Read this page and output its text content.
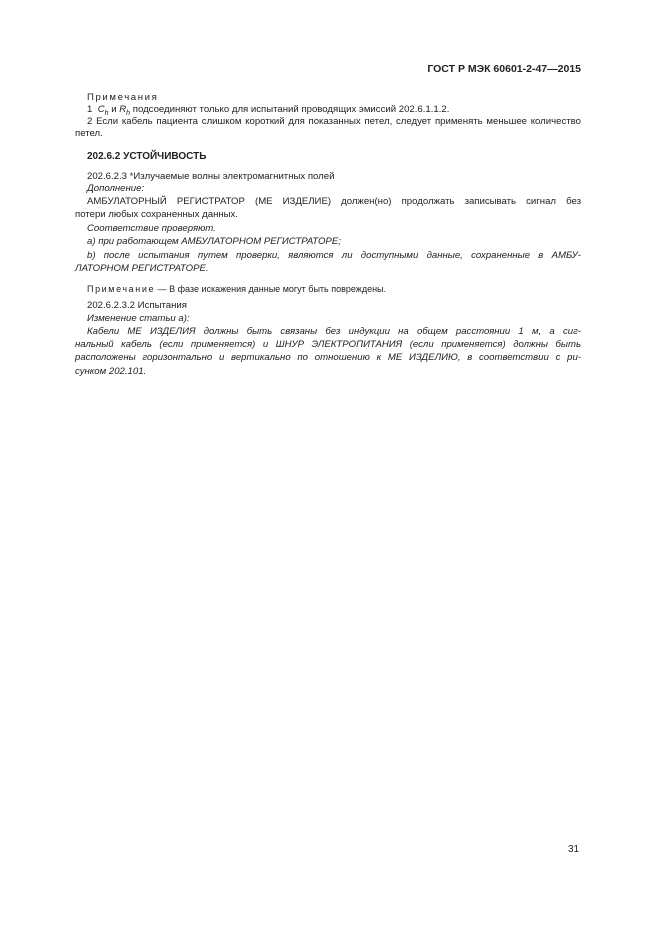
ГОСТ Р МЭК 60601-2-47—2015
Примечания
1 $C_h$ и $R_h$ подсоединяют только для испытаний проводящих эмиссий 202.6.1.1.2.
2 Если кабель пациента слишком короткий для показанных петел, следует применять меньшее количество
петел.
202.6.2 УСТОЙЧИВОСТЬ
202.6.2.3 *Излучаемые волны электромагнитных полей
Дополнение:
АМБУЛАТОРНЫЙ РЕГИСТРАТОР (МЕ ИЗДЕЛИЕ) должен(но) продолжать записывать сигнал без
потери любых сохраненных данных.
Соответствие проверяют.
а) при работающем АМБУЛАТОРНОМ РЕГИСТРАТОРЕ;
b) после испытания путем проверки, являются ли доступными данные, сохраненные в АМБУ-
ЛАТОРНОМ РЕГИСТРАТОРЕ.
Примечание — В фазе искажения данные могут быть повреждены.
202.6.2.3.2 Испытания
Изменение статьи а):
Кабели МЕ ИЗДЕЛИЯ должны быть связаны без индукции на общем расстоянии 1 м, а сиг-
нальный кабель (если применяется) и ШНУР ЭЛЕКТРОПИТАНИЯ (если применяется) должны быть
расположены горизонтально и вертикально по отношению к МЕ ИЗДЕЛИЮ, в соответствии с ри-
сунком 202.101.
31
